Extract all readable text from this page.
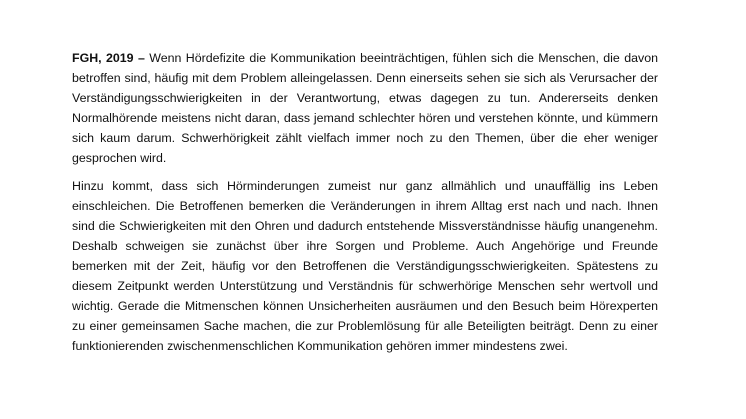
FGH, 2019 – Wenn Hördefizite die Kommunikation beeinträchtigen, fühlen sich die Menschen, die davon betroffen sind, häufig mit dem Problem alleingelassen. Denn einerseits sehen sie sich als Verursacher der Verständigungsschwierigkeiten in der Verantwortung, etwas dagegen zu tun. Andererseits denken Normalhörende meistens nicht daran, dass jemand schlechter hören und verstehen könnte, und kümmern sich kaum darum. Schwerhörigkeit zählt vielfach immer noch zu den Themen, über die eher weniger gesprochen wird.

Hinzu kommt, dass sich Hörminderungen zumeist nur ganz allmählich und unauffällig ins Leben einschleichen. Die Betroffenen bemerken die Veränderungen in ihrem Alltag erst nach und nach. Ihnen sind die Schwierigkeiten mit den Ohren und dadurch entstehende Missverständnisse häufig unangenehm. Deshalb schweigen sie zunächst über ihre Sorgen und Probleme. Auch Angehörige und Freunde bemerken mit der Zeit, häufig vor den Betroffenen die Verständigungsschwierigkeiten. Spätestens zu diesem Zeitpunkt werden Unterstützung und Verständnis für schwerhörige Menschen sehr wertvoll und wichtig. Gerade die Mitmenschen können Unsicherheiten ausräumen und den Besuch beim Hörexperten zu einer gemeinsamen Sache machen, die zur Problemlösung für alle Beteiligten beiträgt. Denn zu einer funktionierenden zwischenmenschlichen Kommunikation gehören immer mindestens zwei.
